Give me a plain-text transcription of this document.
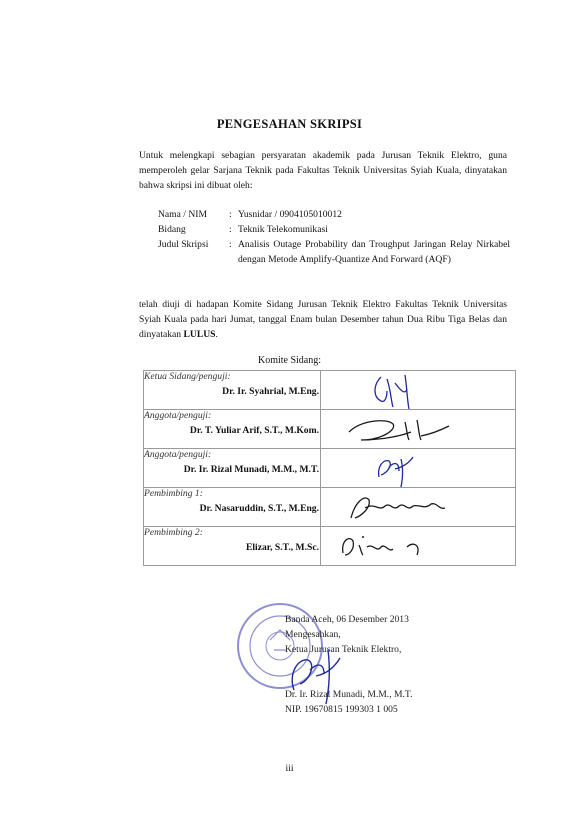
PENGESAHAN SKRIPSI
Untuk melengkapi sebagian persyaratan akademik pada Jurusan Teknik Elektro, guna memperoleh gelar Sarjana Teknik pada Fakultas Teknik Universitas Syiah Kuala, dinyatakan bahwa skripsi ini dibuat oleh:
Nama / NIM	: Yusnidar / 0904105010012
Bidang	: Teknik Telekomunikasi
Judul Skripsi	: Analisis Outage Probability dan Troughput Jaringan Relay Nirkabel dengan Metode Amplify-Quantize And Forward (AQF)
telah diuji di hadapan Komite Sidang Jurusan Teknik Elektro Fakultas Teknik Universitas Syiah Kuala pada hari Jumat, tanggal Enam bulan Desember tahun Dua Ribu Tiga Belas dan dinyatakan LULUS.
Komite Sidang:
Ketua Sidang/penguji:
Dr. Ir. Syahrial, M.Eng.

Anggota/penguji:
Dr. T. Yuliar Arif, S.T., M.Kom.

Anggota/penguji:
Dr. Ir. Rizal Munadi, M.M., M.T.

Pembimbing 1:
Dr. Nasaruddin, S.T., M.Eng.

Pembimbing 2:
Elizar, S.T., M.Sc.

Banda Aceh, 06 Desember 2013
Mengesahkan,
Ketua Jurusan Teknik Elektro,
Dr. Ir. Rizal Munadi, M.M., M.T.
NIP. 19670815 199303 1 005
iii
